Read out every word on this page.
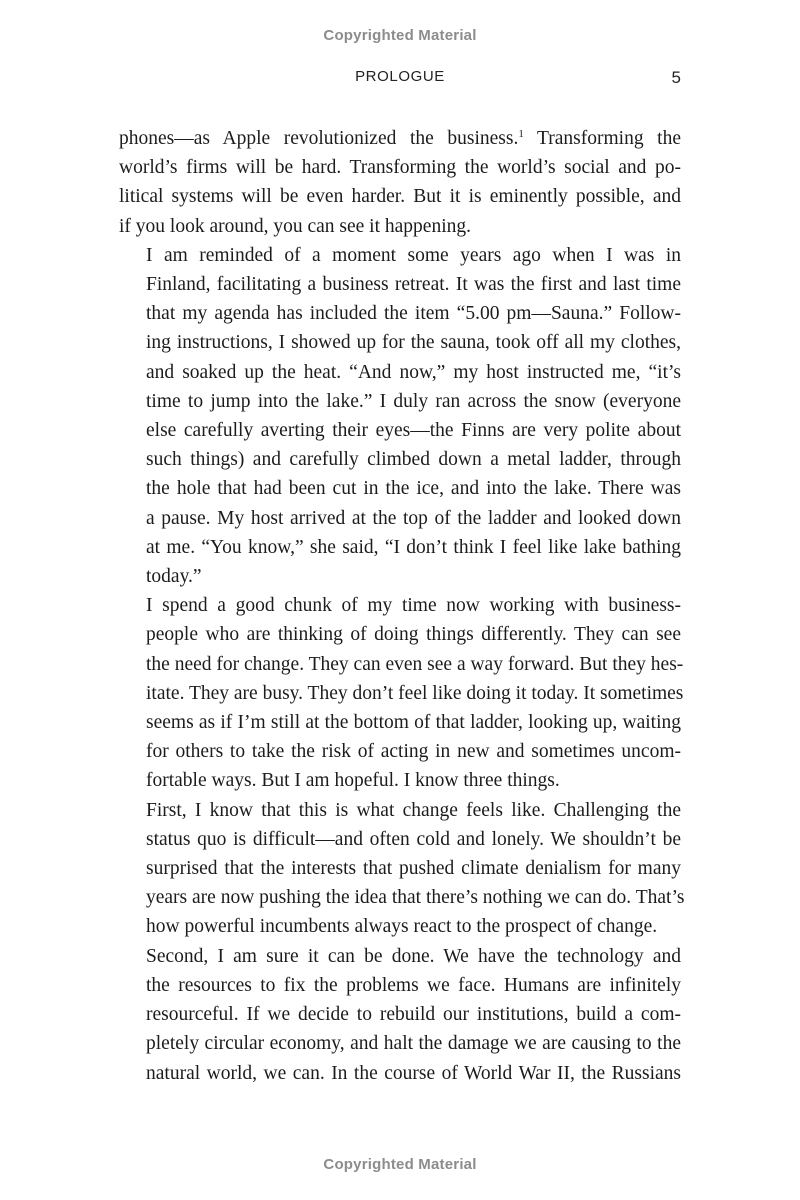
Copyrighted Material
PROLOGUE	5

phones—as Apple revolutionized the business.$^1$ Transforming the
world’s firms will be hard. Transforming the world’s social and po-
litical systems will be even harder. But it is eminently possible, and
if you look around, you can see it happening.

I am reminded of a moment some years ago when I was in
Finland, facilitating a business retreat. It was the first and last time
that my agenda has included the item “5.00 pm—Sauna.” Follow-
ing instructions, I showed up for the sauna, took off all my clothes,
and soaked up the heat. “And now,” my host instructed me, “it’s
time to jump into the lake.” I duly ran across the snow (everyone
else carefully averting their eyes—the Finns are very polite about
such things) and carefully climbed down a metal ladder, through
the hole that had been cut in the ice, and into the lake. There was
a pause. My host arrived at the top of the ladder and looked down
at me. “You know,” she said, “I don’t think I feel like lake bathing
today.”

I spend a good chunk of my time now working with business-
people who are thinking of doing things differently. They can see
the need for change. They can even see a way forward. But they hes-
itate. They are busy. They don’t feel like doing it today. It sometimes
seems as if I’m still at the bottom of that ladder, looking up, waiting
for others to take the risk of acting in new and sometimes uncom-
fortable ways. But I am hopeful. I know three things.

First, I know that this is what change feels like. Challenging the
status quo is difficult—and often cold and lonely. We shouldn’t be
surprised that the interests that pushed climate denialism for many
years are now pushing the idea that there’s nothing we can do. That’s
how powerful incumbents always react to the prospect of change.

Second, I am sure it can be done. We have the technology and
the resources to fix the problems we face. Humans are infinitely
resourceful. If we decide to rebuild our institutions, build a com-
pletely circular economy, and halt the damage we are causing to the
natural world, we can. In the course of World War II, the Russians

Copyrighted Material
